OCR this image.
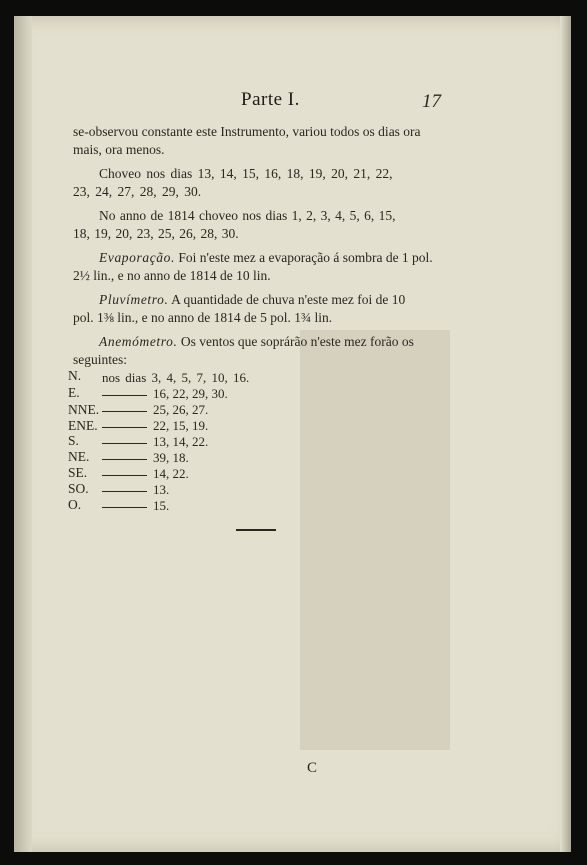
Parte I.	17
se-observou constante este Instrumento, variou todos os dias ora
mais, ora menos.
Choveo nos dias 13, 14, 15, 16, 18, 19, 20, 21, 22,
23, 24, 27, 28, 29, 30.
No anno de 1814 choveo nos dias 1, 2, 3, 4, 5, 6, 15,
18, 19, 20, 23, 25, 26, 28, 30.
Evaporação. Foi n'este mez a evaporação á sombra de 1 pol.
2½ lin., e no anno de 1814 de 10 lin.
Pluvímetro. A quantidade de chuva n'este mez foi de 10
pol. 1⅜ lin., e no anno de 1814 de 5 pol. 1¾ lin.
Anemómetro. Os ventos que soprárão n'este mez forão os
seguintes:
N. nos dias 3, 4, 5, 7, 10, 16.
E.	16, 22, 29, 30.
NNE.	25, 26, 27.
ENE.	22, 15, 19.
S.	13, 14, 22.
NE.	39, 18.
SE.	14, 22.
SO.	13.
O.	15.
C
